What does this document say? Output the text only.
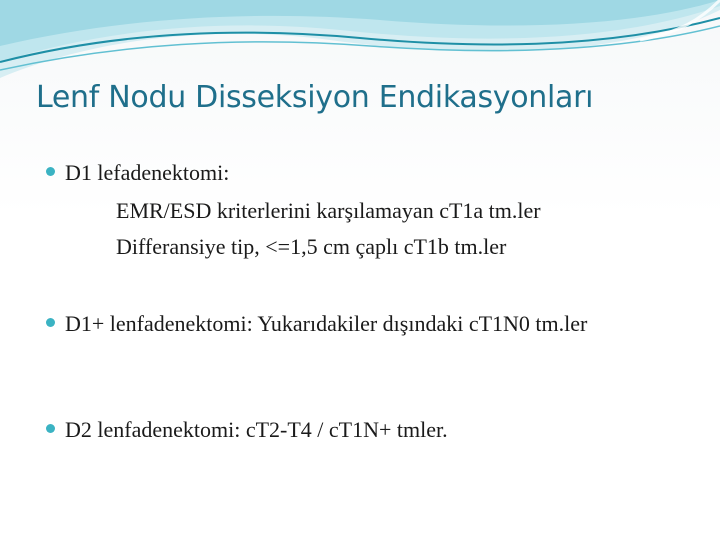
Lenf Nodu Disseksiyon Endikasyonları
D1 lefadenektomi:
EMR/ESD kriterlerini karşılamayan cT1a tm.ler
Differansiye tip, <=1,5 cm çaplı cT1b tm.ler
D1+ lenfadenektomi: Yukarıdakiler dışındaki cT1N0 tm.ler
D2 lenfadenektomi: cT2-T4 / cT1N+ tmler.
